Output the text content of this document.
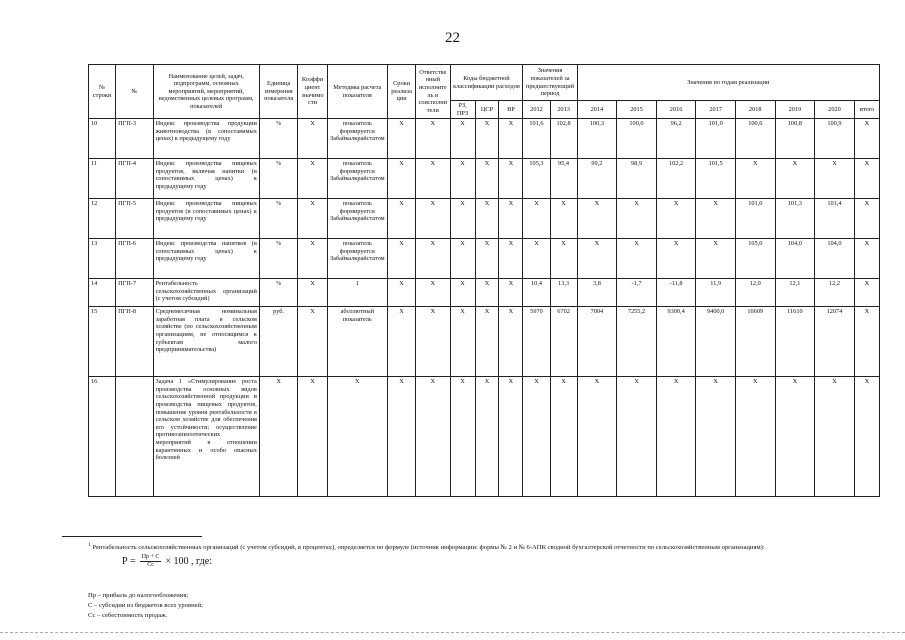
22
№ строки	№	Наименование целей, задач, подпрограмм, основных мероприятий, мероприятий, ведомственных целевых программ, показателей	Единица измерения показателя	Коэффициент значимости	Методика расчета показателя	Сроки реализации	Ответственный исполнитель и соисполнители	Коды бюджетной классификации расходов			Значения показателей за предшествующий период		Значения по годам реализации							
								РЗ, ПРЗ	ЦСР	ВР	2012	2013	2014	2015	2016	2017	2018	2019	2020	итого
10	ПГП-3	Индекс производства продукции животноводства (в сопоставимых ценах) к предыдущему году	%	Х	показатель формируется Забайкалкрайстатом	Х	Х	Х	Х	Х	101,6	102,8	100,3	100,0	96,2	101,0	100,6	100,8	100,9	Х
11	ПГП-4	Индекс производства пищевых продуктов, включая напитки (в сопоставимых ценах) к предыдущему году	%	Х	показатель формируется Забайкалкрайстатом	Х	Х	Х	Х	Х	105,3	95,4	99,2	98,9	102,2	101,5	Х	Х	Х	Х
12	ПГП-5	Индекс производства пищевых продуктов (в сопоставимых ценах) к предыдущему году	%	Х	показатель формируется Забайкалкрайстатом	Х	Х	Х	Х	Х	Х	Х	Х	Х	Х	Х	101,0	101,3	101,4	Х
13	ПГП-6	Индекс производства напитков (в сопоставимых ценах) к предыдущему году	%	Х	показатель формируется Забайкалкрайстатом	Х	Х	Х	Х	Х	Х	Х	Х	Х	Х	Х	105,0	104,0	104,0	Х
14	ПГП-7	Рентабельность сельскохозяйственных организаций (с учетом субсидий)	%	Х	1	Х	Х	Х	Х	Х	10,4	13,3	3,8	-1,7	-11,8	11,9	12,0	12,1	12,2	Х
15	ПГП-8	Среднемесячная номинальная заработная плата в сельском хозяйстве (по сельскохозяйственным организациям, не относящимся к субъектам малого предпринимательства)	руб.	Х	абсолютный показатель	Х	Х	Х	Х	Х	5970	6702	7004	7255,2	9300,4	9400,0	10609	11610	12074	Х
16		Задача 1 «Стимулирование роста производства основных видов сельскохозяйственной продукции и производства пищевых продуктов, повышение уровня рентабельности в сельском хозяйстве для обеспечения его устойчивости; осуществление противоэпизоотических мероприятий в отношении карантинных и особо опасных болезней	Х	Х	Х	Х	Х	Х	Х	Х	Х	Х	Х	Х	Х	Х	Х	Х	Х	Х
$^1$ Рентабельность сельскохозяйственных организаций (с учетом субсидий, в процентах), определяется по формуле (источник информации: формы № 2 и № 6-АПК сводной бухгалтерской отчетности по сельскохозяйственным организациям):
$Р = \frac{Пр + С}{Сс} \times 100$ , где:
Пр – прибыль до налогообложения;
С – субсидии из бюджетов всех уровней;
Сс – себестоимость продаж.
